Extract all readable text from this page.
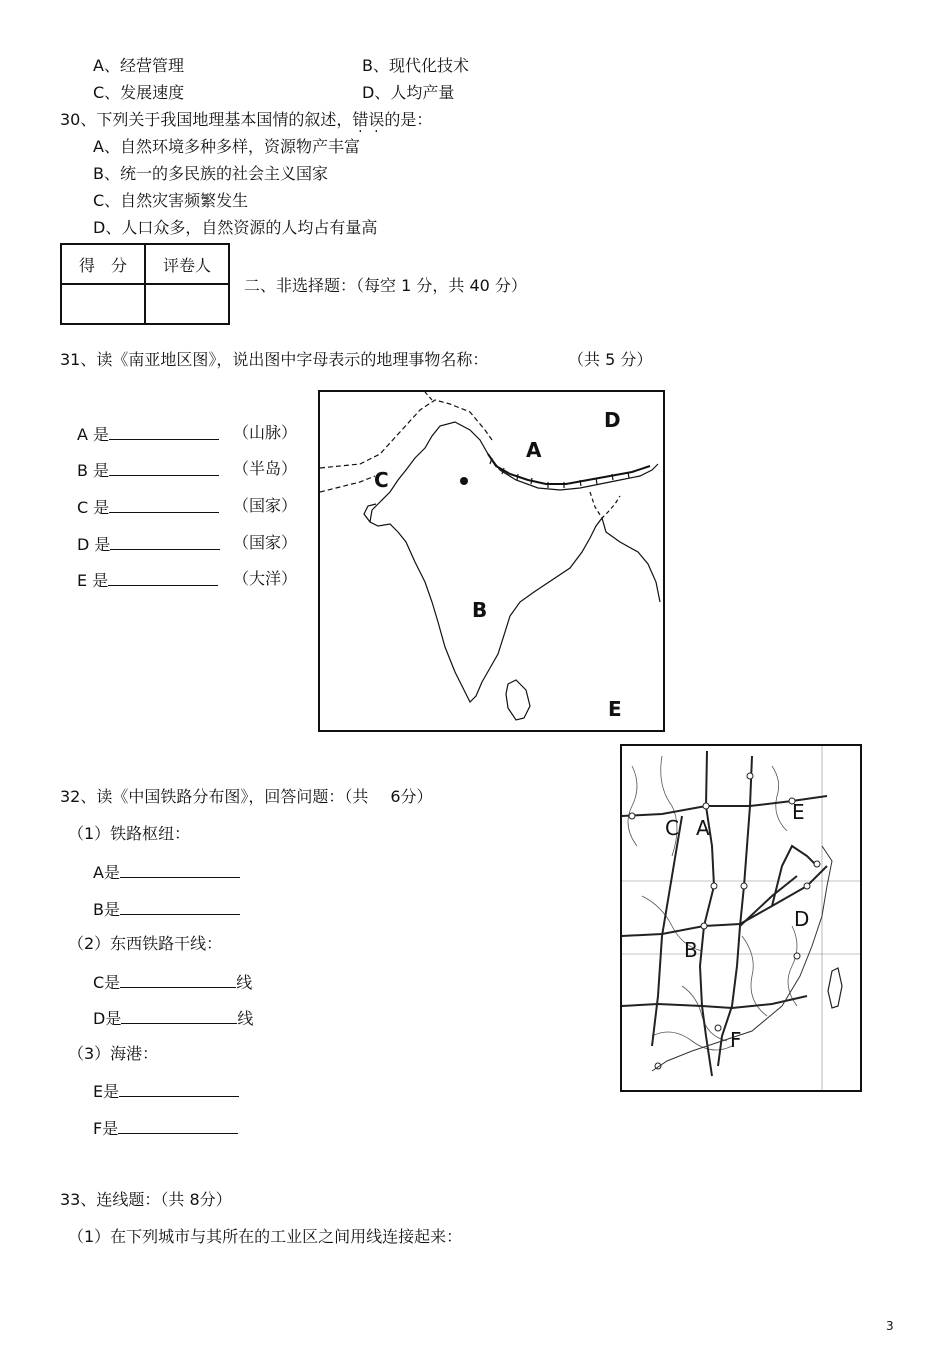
A、经营管理	B、现代化技术
C、发展速度	D、人均产量
30、下列关于我国地理基本国情的叙述，错误的是：
A、自然环境多种多样，资源物产丰富
B、统一的多民族的社会主义国家
C、自然灾害频繁发生
D、人口众多，自然资源的人均占有量高
得　分	评卷人

二、非选择题：（每空 1 分，共 40 分）
31、读《南亚地区图》，说出图中字母表示的地理事物名称：	（共 5 分）
A 是	（山脉）
B 是	（半岛）
C 是	（国家）
D 是	（国家）
E 是	（大洋）
D
A
C
B
E
32、读《中国铁路分布图》，回答问题：（共 6分）
（1）铁路枢纽：
A是
B是
（2）东西铁路干线：
C是	线
D是	线
（3）海港：
E是
F是
E
C A
D
B
F
33、连线题：（共 8分）
（1）在下列城市与其所在的工业区之间用线连接起来：
3
